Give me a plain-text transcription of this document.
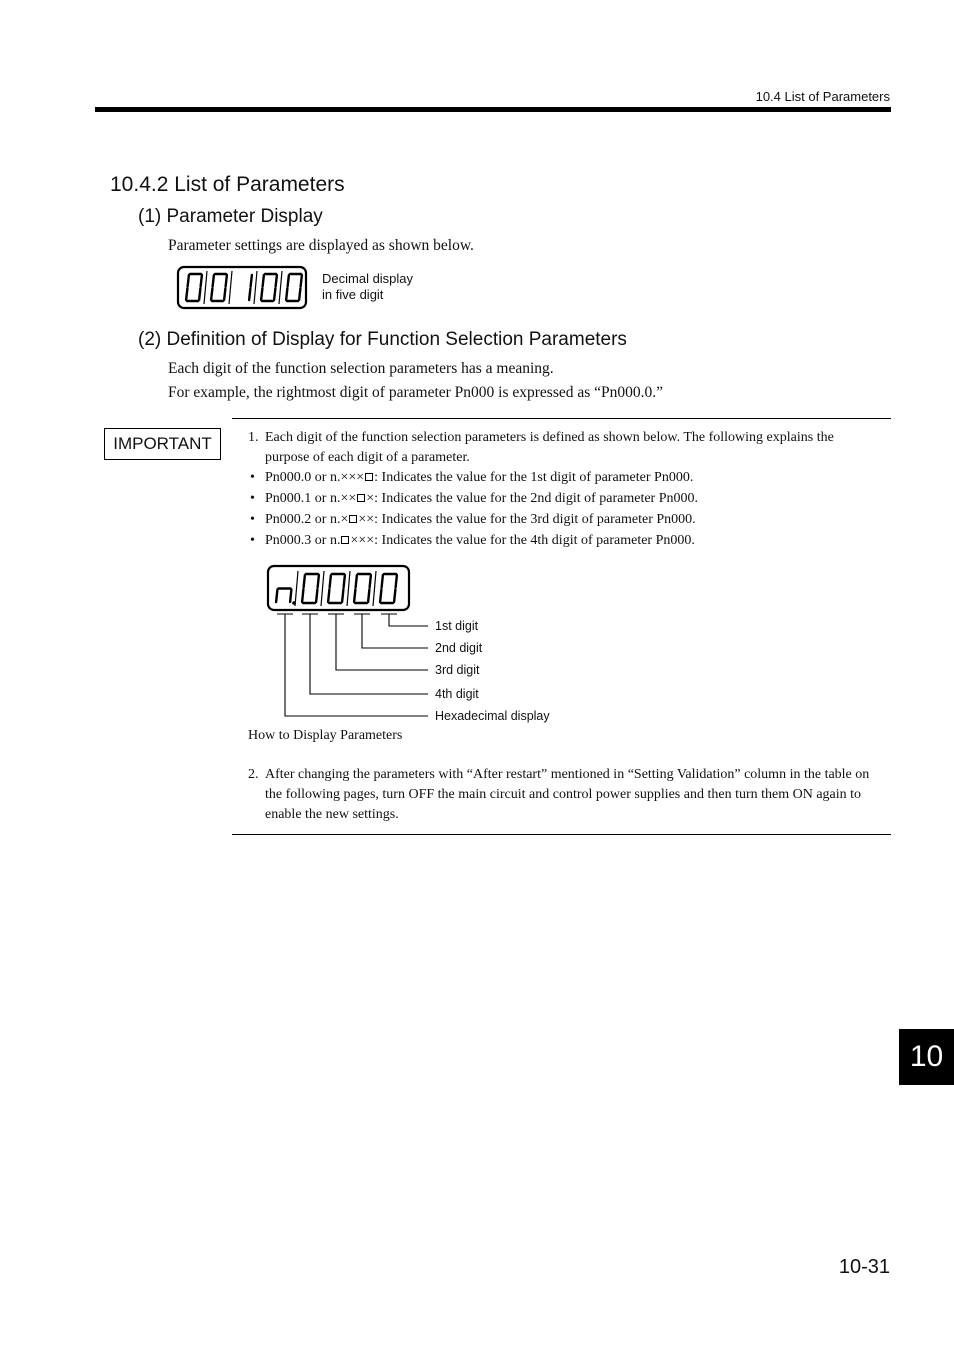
10.4 List of Parameters
10.4.2 List of Parameters
(1) Parameter Display
Parameter settings are displayed as shown below.
Decimal display
in five digit
(2) Definition of Display for Function Selection Parameters
Each digit of the function selection parameters has a meaning.
For example, the rightmost digit of parameter Pn000 is expressed as “Pn000.0.”
IMPORTANT	1. Each digit of the function selection parameters is defined as shown below. The following explains the purpose of each digit of a parameter.
• Pn000.0 or n.××× : Indicates the value for the 1st digit of parameter Pn000.
• Pn000.1 or n.×× ×: Indicates the value for the 2nd digit of parameter Pn000.
• Pn000.2 or n.× ××: Indicates the value for the 3rd digit of parameter Pn000.
• Pn000.3 or n. ×××: Indicates the value for the 4th digit of parameter Pn000.
1st digit
2nd digit
3rd digit
4th digit
Hexadecimal display
How to Display Parameters
2. After changing the parameters with “After restart” mentioned in “Setting Validation” column in the table on the following pages, turn OFF the main circuit and control power supplies and then turn them ON again to enable the new settings.
10
10-31
